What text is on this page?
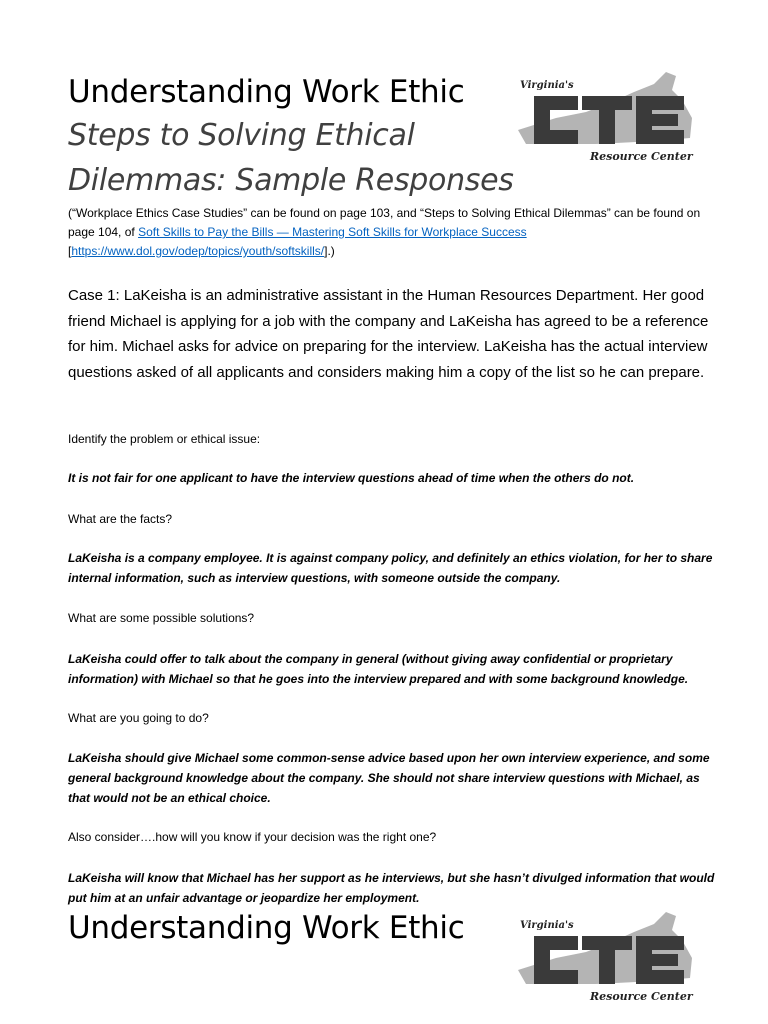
Understanding Work Ethic
Steps to Solving Ethical
Dilemmas: Sample Responses
Virginia's
Resource Center
(“Workplace Ethics Case Studies” can be found on page 103, and “Steps to Solving Ethical Dilemmas” can be found on page 104, of Soft Skills to Pay the Bills — Mastering Soft Skills for Workplace Success [https://www.dol.gov/odep/topics/youth/softskills/].)
Case 1: LaKeisha is an administrative assistant in the Human Resources Department. Her good friend Michael is applying for a job with the company and LaKeisha has agreed to be a reference for him. Michael asks for advice on preparing for the interview. LaKeisha has the actual interview questions asked of all applicants and considers making him a copy of the list so he can prepare.
Identify the problem or ethical issue:
It is not fair for one applicant to have the interview questions ahead of time when the others do not.
What are the facts?
LaKeisha is a company employee. It is against company policy, and definitely an ethics violation, for her to share internal information, such as interview questions, with someone outside the company.
What are some possible solutions?
LaKeisha could offer to talk about the company in general (without giving away confidential or proprietary information) with Michael so that he goes into the interview prepared and with some background knowledge.
What are you going to do?
LaKeisha should give Michael some common-sense advice based upon her own interview experience, and some general background knowledge about the company. She should not share interview questions with Michael, as that would not be an ethical choice.
Also consider….how will you know if your decision was the right one?
LaKeisha will know that Michael has her support as he interviews, but she hasn’t divulged information that would put him at an unfair advantage or jeopardize her employment.
Understanding Work Ethic	Virginia's
Resource Center
